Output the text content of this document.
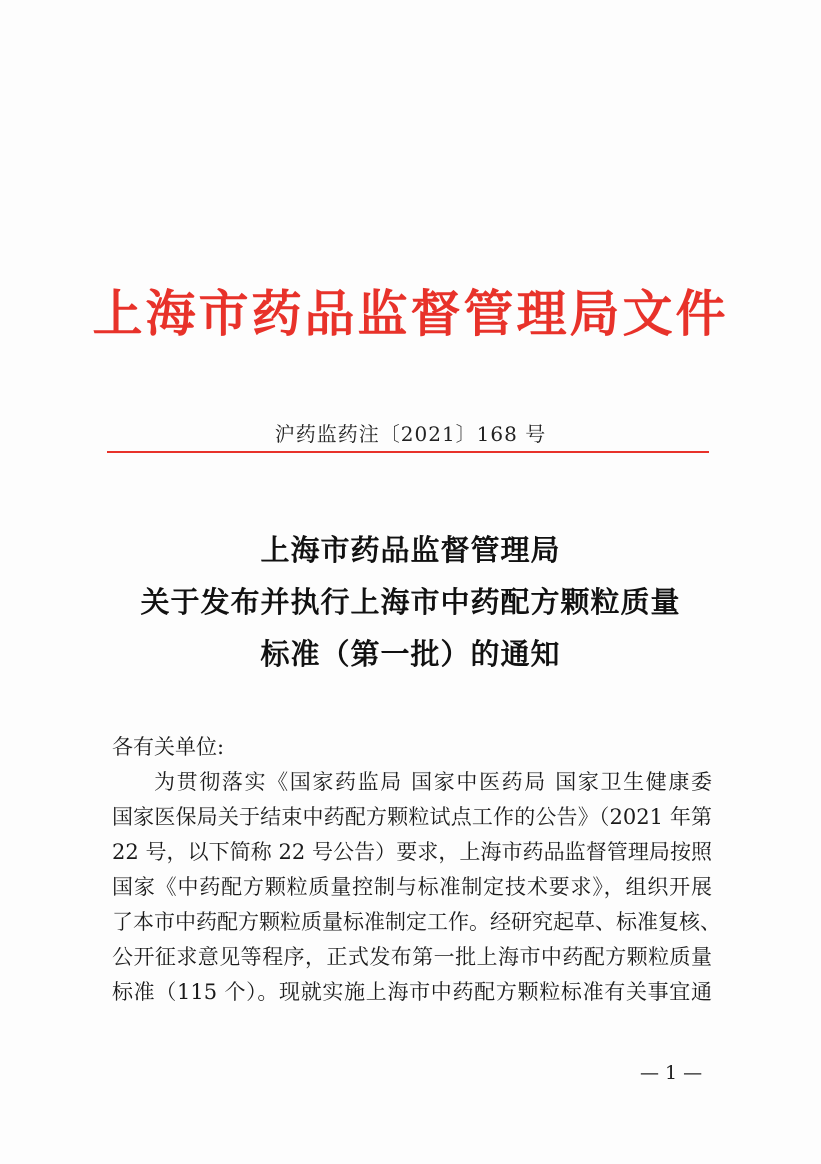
上海市药品监督管理局文件
沪药监药注〔2021〕168 号
上海市药品监督管理局
关于发布并执行上海市中药配方颗粒质量
标准（第一批）的通知

各有关单位:

为贯彻落实《国家药监局 国家中医药局 国家卫生健康委

国家医保局关于结束中药配方颗粒试点工作的公告》（2021 年第

22 号，以下简称 22 号公告）要求，上海市药品监督管理局按照

国家《中药配方颗粒质量控制与标准制定技术要求》，组织开展

了本市中药配方颗粒质量标准制定工作。经研究起草、标准复核、

公开征求意见等程序，正式发布第一批上海市中药配方颗粒质量

标准（115 个）。现就实施上海市中药配方颗粒标准有关事宜通

— 1 —
